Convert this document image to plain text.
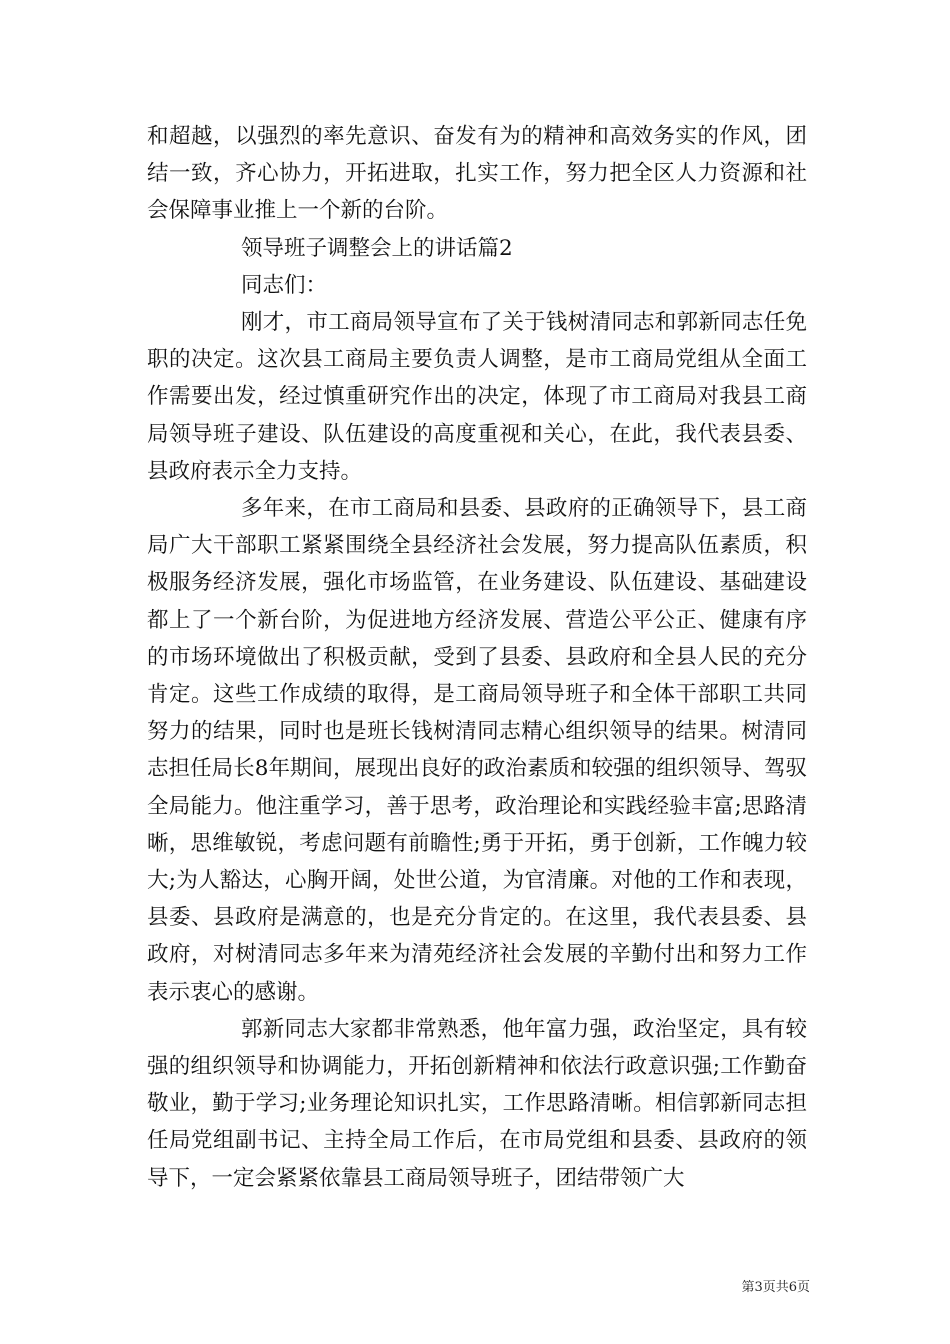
和超越，以强烈的率先意识、奋发有为的精神和高效务实的作风，团结一致，齐心协力，开拓进取，扎实工作，努力把全区人力资源和社会保障事业推上一个新的台阶。

领导班子调整会上的讲话篇2

同志们：

刚才，市工商局领导宣布了关于钱树清同志和郭新同志任免职的决定。这次县工商局主要负责人调整，是市工商局党组从全面工作需要出发，经过慎重研究作出的决定，体现了市工商局对我县工商局领导班子建设、队伍建设的高度重视和关心，在此，我代表县委、县政府表示全力支持。

多年来，在市工商局和县委、县政府的正确领导下，县工商局广大干部职工紧紧围绕全县经济社会发展，努力提高队伍素质，积极服务经济发展，强化市场监管，在业务建设、队伍建设、基础建设都上了一个新台阶，为促进地方经济发展、营造公平公正、健康有序的市场环境做出了积极贡献，受到了县委、县政府和全县人民的充分肯定。这些工作成绩的取得，是工商局领导班子和全体干部职工共同努力的结果，同时也是班长钱树清同志精心组织领导的结果。树清同志担任局长8年期间，展现出良好的政治素质和较强的组织领导、驾驭全局能力。他注重学习，善于思考，政治理论和实践经验丰富;思路清晰，思维敏锐，考虑问题有前瞻性;勇于开拓，勇于创新，工作魄力较大;为人豁达，心胸开阔，处世公道，为官清廉。对他的工作和表现，县委、县政府是满意的，也是充分肯定的。在这里，我代表县委、县政府，对树清同志多年来为清苑经济社会发展的辛勤付出和努力工作表示衷心的感谢。

郭新同志大家都非常熟悉，他年富力强，政治坚定，具有较强的组织领导和协调能力，开拓创新精神和依法行政意识强;工作勤奋敬业，勤于学习;业务理论知识扎实，工作思路清晰。相信郭新同志担任局党组副书记、主持全局工作后，在市局党组和县委、县政府的领导下，一定会紧紧依靠县工商局领导班子，团结带领广大

第3页共6页
